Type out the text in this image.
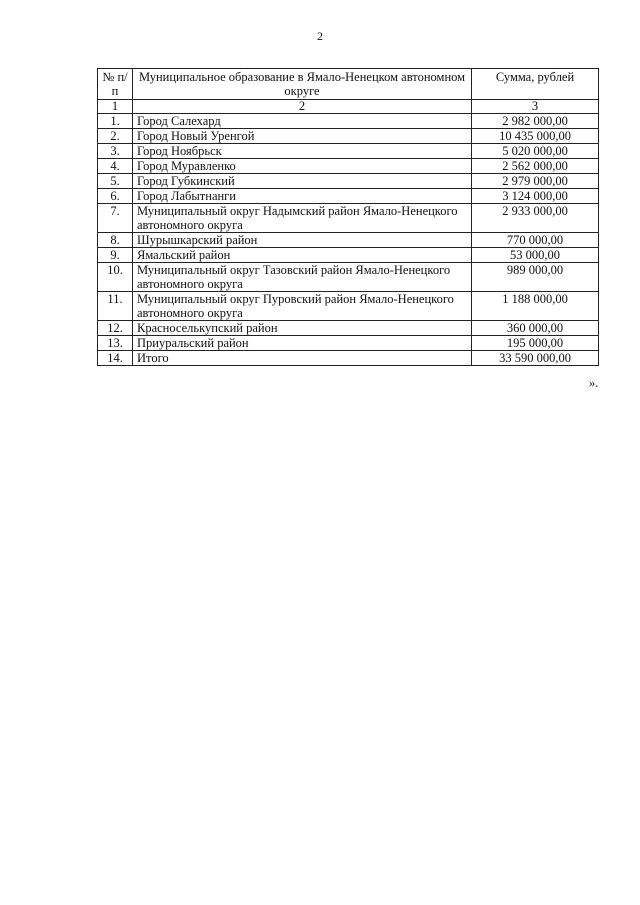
2
№ п/п	Муниципальное образование в Ямало-Ненецком автономном округе	Сумма, рублей
1	2	3
1.	Город Салехард	2 982 000,00
2.	Город Новый Уренгой	10 435 000,00
3.	Город Ноябрьск	5 020 000,00
4.	Город Муравленко	2 562 000,00
5.	Город Губкинский	2 979 000,00
6.	Город Лабытнанги	3 124 000,00
7.	Муниципальный округ Надымский район Ямало-Ненецкого автономного округа	2 933 000,00
8.	Шурышкарский район	770 000,00
9.	Ямальский район	53 000,00
10.	Муниципальный округ Тазовский район Ямало-Ненецкого автономного округа	989 000,00
11.	Муниципальный округ Пуровский район Ямало-Ненецкого автономного округа	1 188 000,00
12.	Красноселькупский район	360 000,00
13.	Приуральский район	195 000,00
14.	Итого	33 590 000,00
».
